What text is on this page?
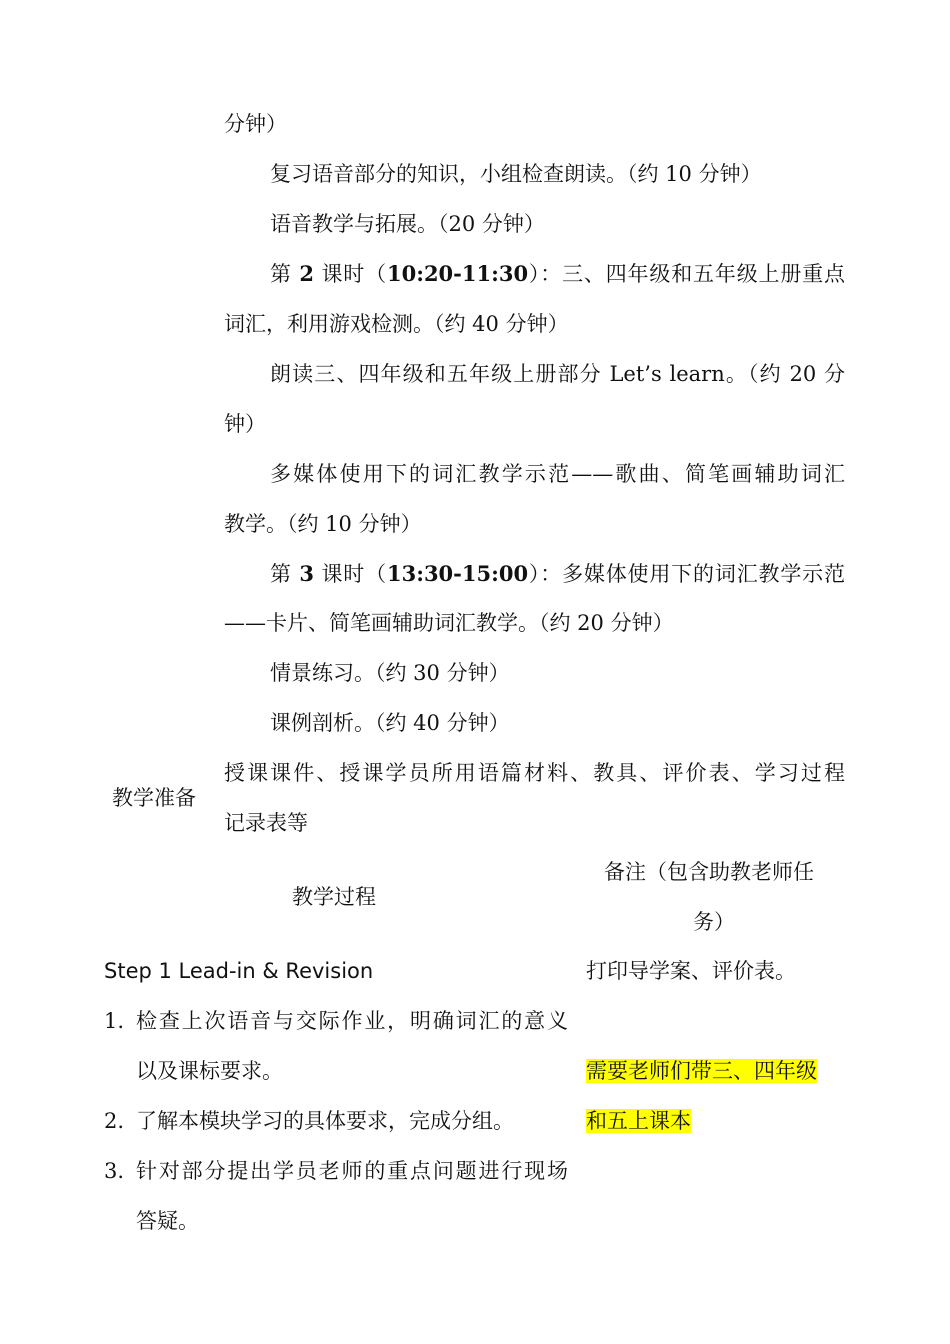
分钟）
复习语音部分的知识，小组检查朗读。（约 10 分钟）
语音教学与拓展。（20 分钟）
第 2 课时（10:20-11:30）：三、四年级和五年级上册重点
词汇，利用游戏检测。（约 40 分钟）
朗读三、四年级和五年级上册部分 Let’s learn。（约 20 分
钟）
多媒体使用下的词汇教学示范——歌曲、简笔画辅助词汇
教学。（约 10 分钟）
第 3 课时（13:30-15:00）：多媒体使用下的词汇教学示范
——卡片、简笔画辅助词汇教学。（约 20 分钟）
情景练习。（约 30 分钟）
课例剖析。（约 40 分钟）
教学准备
授课课件、授课学员所用语篇材料、教具、评价表、学习过程
记录表等
教学过程
备注（包含助教老师任
务）
Step 1 Lead-in & Revision
1. 检查上次语音与交际作业，明确词汇的意义
以及课标要求。
2. 了解本模块学习的具体要求，完成分组。
3. 针对部分提出学员老师的重点问题进行现场
答疑。
打印导学案、评价表。
需要老师们带三、四年级
和五上课本
